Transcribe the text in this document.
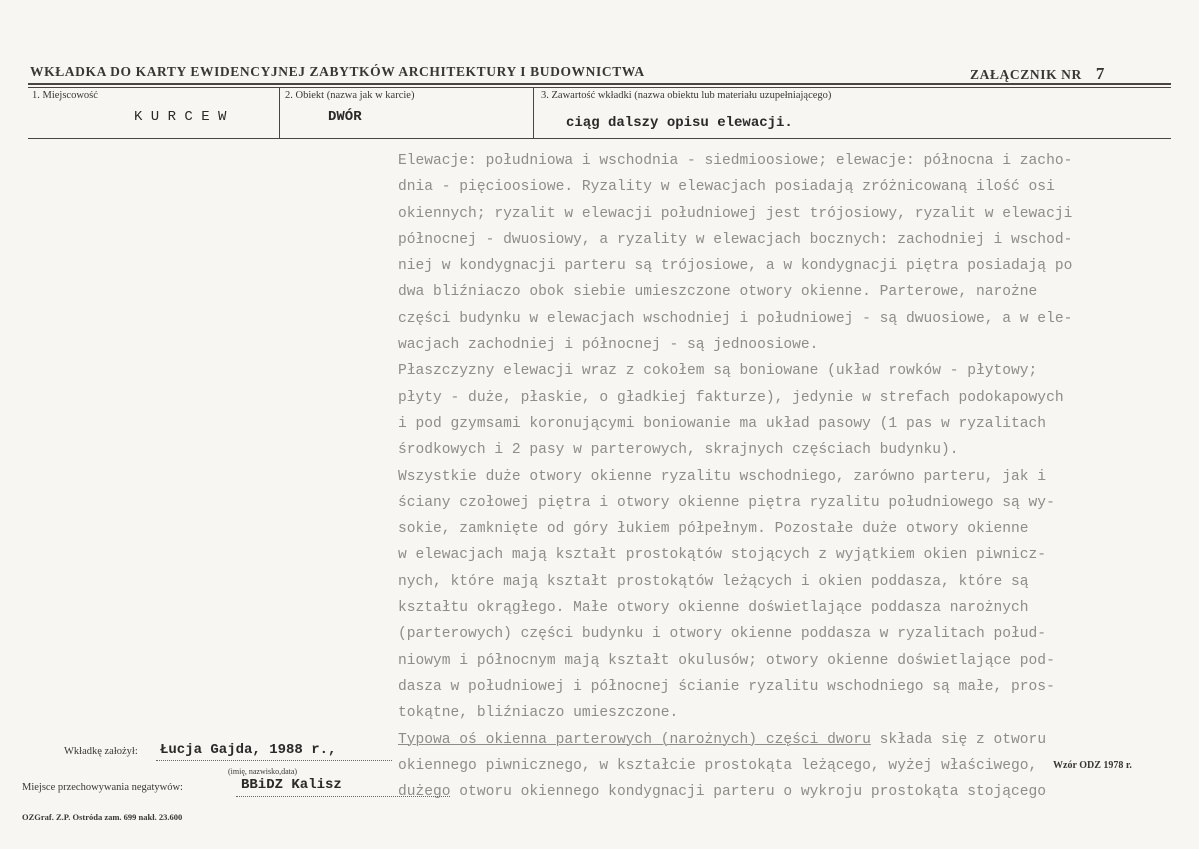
WKŁADKA DO KARTY EWIDENCYJNEJ ZABYTKÓW ARCHITEKTURY I BUDOWNICTWA	ZAŁĄCZNIK NR 7
1. Miejscowość
K U R C E W
2. Obiekt (nazwa jak w karcie)
DWÓR
3. Zawartość wkładki (nazwa obiektu lub materiału uzupełniającego)
ciąg dalszy opisu elewacji.
Elewacje: południowa i wschodnia - siedmioosiowe; elewacje: północna i zacho-
dnia - pięcioosiowe. Ryzality w elewacjach posiadają zróżnicowaną ilość osi
okiennych; ryzalit w elewacji południowej jest trójosiowy, ryzalit w elewacji
północnej - dwuosiowy, a ryzality w elewacjach bocznych: zachodniej i wschod-
niej w kondygnacji parteru są trójosiowe, a w kondygnacji piętra posiadają po
dwa bliźniaczo obok siebie umieszczone otwory okienne. Parterowe, narożne
części budynku w elewacjach wschodniej i południowej - są dwuosiowe, a w ele-
wacjach zachodniej i północnej - są jednoosiowe.
Płaszczyzny elewacji wraz z cokołem są boniowane (układ rowków - płytowy;
płyty - duże, płaskie, o gładkiej fakturze), jedynie w strefach podokapowych
i pod gzymsami koronującymi boniowanie ma układ pasowy (1 pas w ryzalitach
środkowych i 2 pasy w parterowych, skrajnych częściach budynku).
Wszystkie duże otwory okienne ryzalitu wschodniego, zarówno parteru, jak i
ściany czołowej piętra i otwory okienne piętra ryzalitu południowego są wy-
sokie, zamknięte od góry łukiem półpełnym. Pozostałe duże otwory okienne
w elewacjach mają kształt prostokątów stojących z wyjątkiem okien piwnicz-
nych, które mają kształt prostokątów leżących i okien poddasza, które są
kształtu okrągłego. Małe otwory okienne doświetlające poddasza narożnych
(parterowych) części budynku i otwory okienne poddasza w ryzalitach połud-
niowym i północnym mają kształt okulusów; otwory okienne doświetlające pod-
dasza w południowej i północnej ścianie ryzalitu wschodniego są małe, pros-
tokątne, bliźniaczo umieszczone.
Typowa oś okienna parterowych (narożnych) części dworu składa się z otworu
okiennego piwnicznego, w kształcie prostokąta leżącego, wyżej właściwego,
dużego otworu okiennego kondygnacji parteru o wykroju prostokąta stojącego
Wkładkę założył: Łucja Gajda, 1988 r.,
(imię, nazwisko,data)
Miejsce przechowywania negatywów:	BBiDZ Kalisz
OZGraf. Z.P. Ostróda zam. 699 nakł. 23.600
Wzór ODZ 1978 r.
